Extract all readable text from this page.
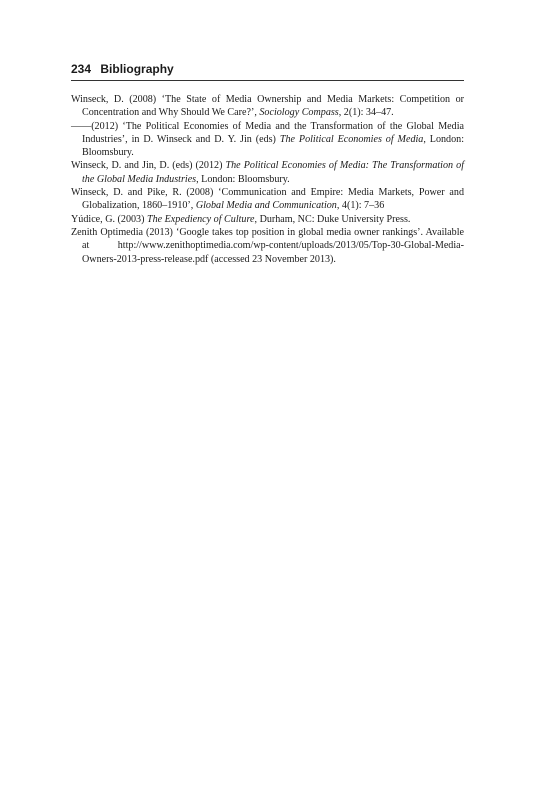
234 Bibliography
Winseck, D. (2008) ‘The State of Media Ownership and Media Markets: Competition or Concentration and Why Should We Care?’, Sociology Compass, 2(1): 34–47.
——(2012) ‘The Political Economies of Media and the Transformation of the Global Media Industries’, in D. Winseck and D. Y. Jin (eds) The Political Economies of Media, London: Bloomsbury.
Winseck, D. and Jin, D. (eds) (2012) The Political Economies of Media: The Transformation of the Global Media Industries, London: Bloomsbury.
Winseck, D. and Pike, R. (2008) ‘Communication and Empire: Media Markets, Power and Globalization, 1860–1910’, Global Media and Communication, 4(1): 7–36
Yúdice, G. (2003) The Expediency of Culture, Durham, NC: Duke University Press.
Zenith Optimedia (2013) ‘Google takes top position in global media owner rankings’. Available at http://www.zenithoptimedia.com/wp-content/uploads/2013/05/Top-30-Global-Media-Owners-2013-press-release.pdf (accessed 23 November 2013).
